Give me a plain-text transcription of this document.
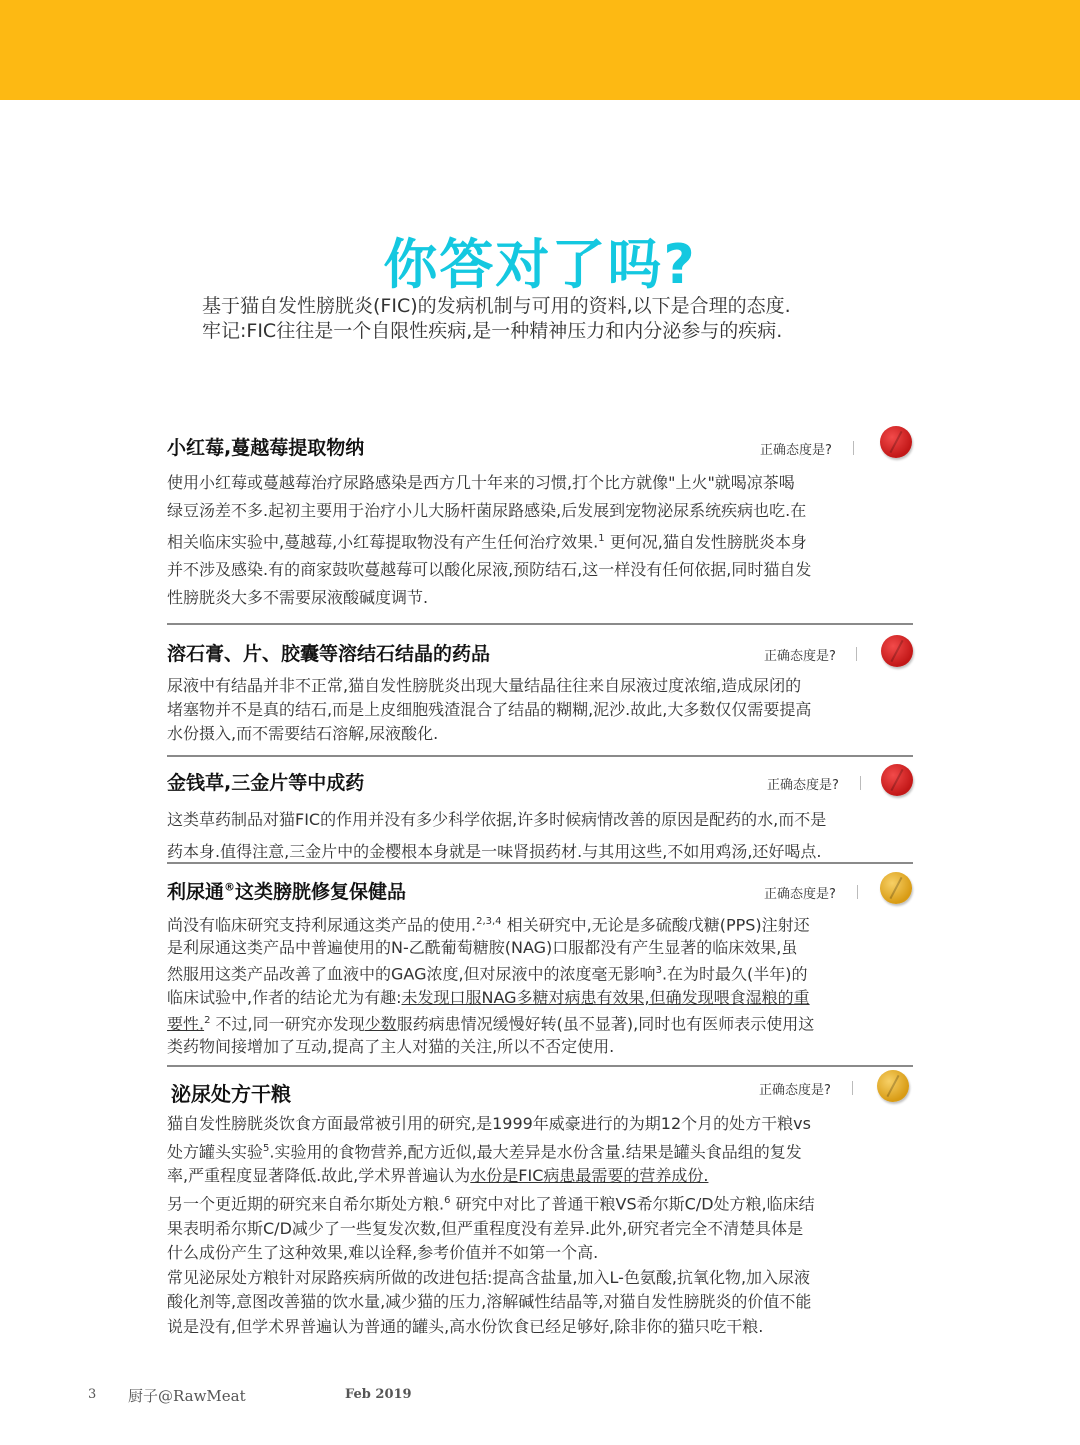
你答对了吗?
基于猫自发性膀胱炎(FIC)的发病机制与可用的资料,以下是合理的态度.
牢记:FIC往往是一个自限性疾病,是一种精神压力和内分泌参与的疾病.
小红莓,蔓越莓提取物纳	正确态度是?
使用小红莓或蔓越莓治疗尿路感染是西方几十年来的习惯,打个比方就像"上火"就喝凉茶喝
绿豆汤差不多.起初主要用于治疗小儿大肠杆菌尿路感染,后发展到宠物泌尿系统疾病也吃.在
相关临床实验中,蔓越莓,小红莓提取物没有产生任何治疗效果.$^1$ 更何况,猫自发性膀胱炎本身
并不涉及感染.有的商家鼓吹蔓越莓可以酸化尿液,预防结石,这一样没有任何依据,同时猫自发
性膀胱炎大多不需要尿液酸碱度调节.
溶石膏、片、胶囊等溶结石结晶的药品	正确态度是?
尿液中有结晶并非不正常,猫自发性膀胱炎出现大量结晶往往来自尿液过度浓缩,造成尿闭的
堵塞物并不是真的结石,而是上皮细胞残渣混合了结晶的糊糊,泥沙.故此,大多数仅仅需要提高
水份摄入,而不需要结石溶解,尿液酸化.
金钱草,三金片等中成药	正确态度是?
这类草药制品对猫FIC的作用并没有多少科学依据,许多时候病情改善的原因是配药的水,而不是
药本身.值得注意,三金片中的金樱根本身就是一味肾损药材.与其用这些,不如用鸡汤,还好喝点.
利尿通®这类膀胱修复保健品	正确态度是?
尚没有临床研究支持利尿通这类产品的使用.$^{2,3,4}$ 相关研究中,无论是多硫酸戊糖(PPS)注射还
是利尿通这类产品中普遍使用的N-乙酰葡萄糖胺(NAG)口服都没有产生显著的临床效果,虽
然服用这类产品改善了血液中的GAG浓度,但对尿液中的浓度毫无影响$^3$.在为时最久(半年)的
临床试验中,作者的结论尤为有趣:未发现口服NAG多糖对病患有效果,但确发现喂食湿粮的重
要性.$^2$ 不过,同一研究亦发现少数服药病患情况缓慢好转(虽不显著),同时也有医师表示使用这
类药物间接增加了互动,提高了主人对猫的关注,所以不否定使用.
泌尿处方干粮	正确态度是?
猫自发性膀胱炎饮食方面最常被引用的研究,是1999年威豪进行的为期12个月的处方干粮vs
处方罐头实验$^5$.实验用的食物营养,配方近似,最大差异是水份含量.结果是罐头食品组的复发
率,严重程度显著降低.故此,学术界普遍认为水份是FIC病患最需要的营养成份.
另一个更近期的研究来自希尔斯处方粮.$^6$ 研究中对比了普通干粮VS希尔斯C/D处方粮,临床结
果表明希尔斯C/D减少了一些复发次数,但严重程度没有差异.此外,研究者完全不清楚具体是
什么成份产生了这种效果,难以诠释,参考价值并不如第一个高.
常见泌尿处方粮针对尿路疾病所做的改进包括:提高含盐量,加入L-色氨酸,抗氧化物,加入尿液
酸化剂等,意图改善猫的饮水量,减少猫的压力,溶解碱性结晶等,对猫自发性膀胱炎的价值不能
说是没有,但学术界普遍认为普通的罐头,高水份饮食已经足够好,除非你的猫只吃干粮.
3 厨子@RawMeat	Feb 2019
